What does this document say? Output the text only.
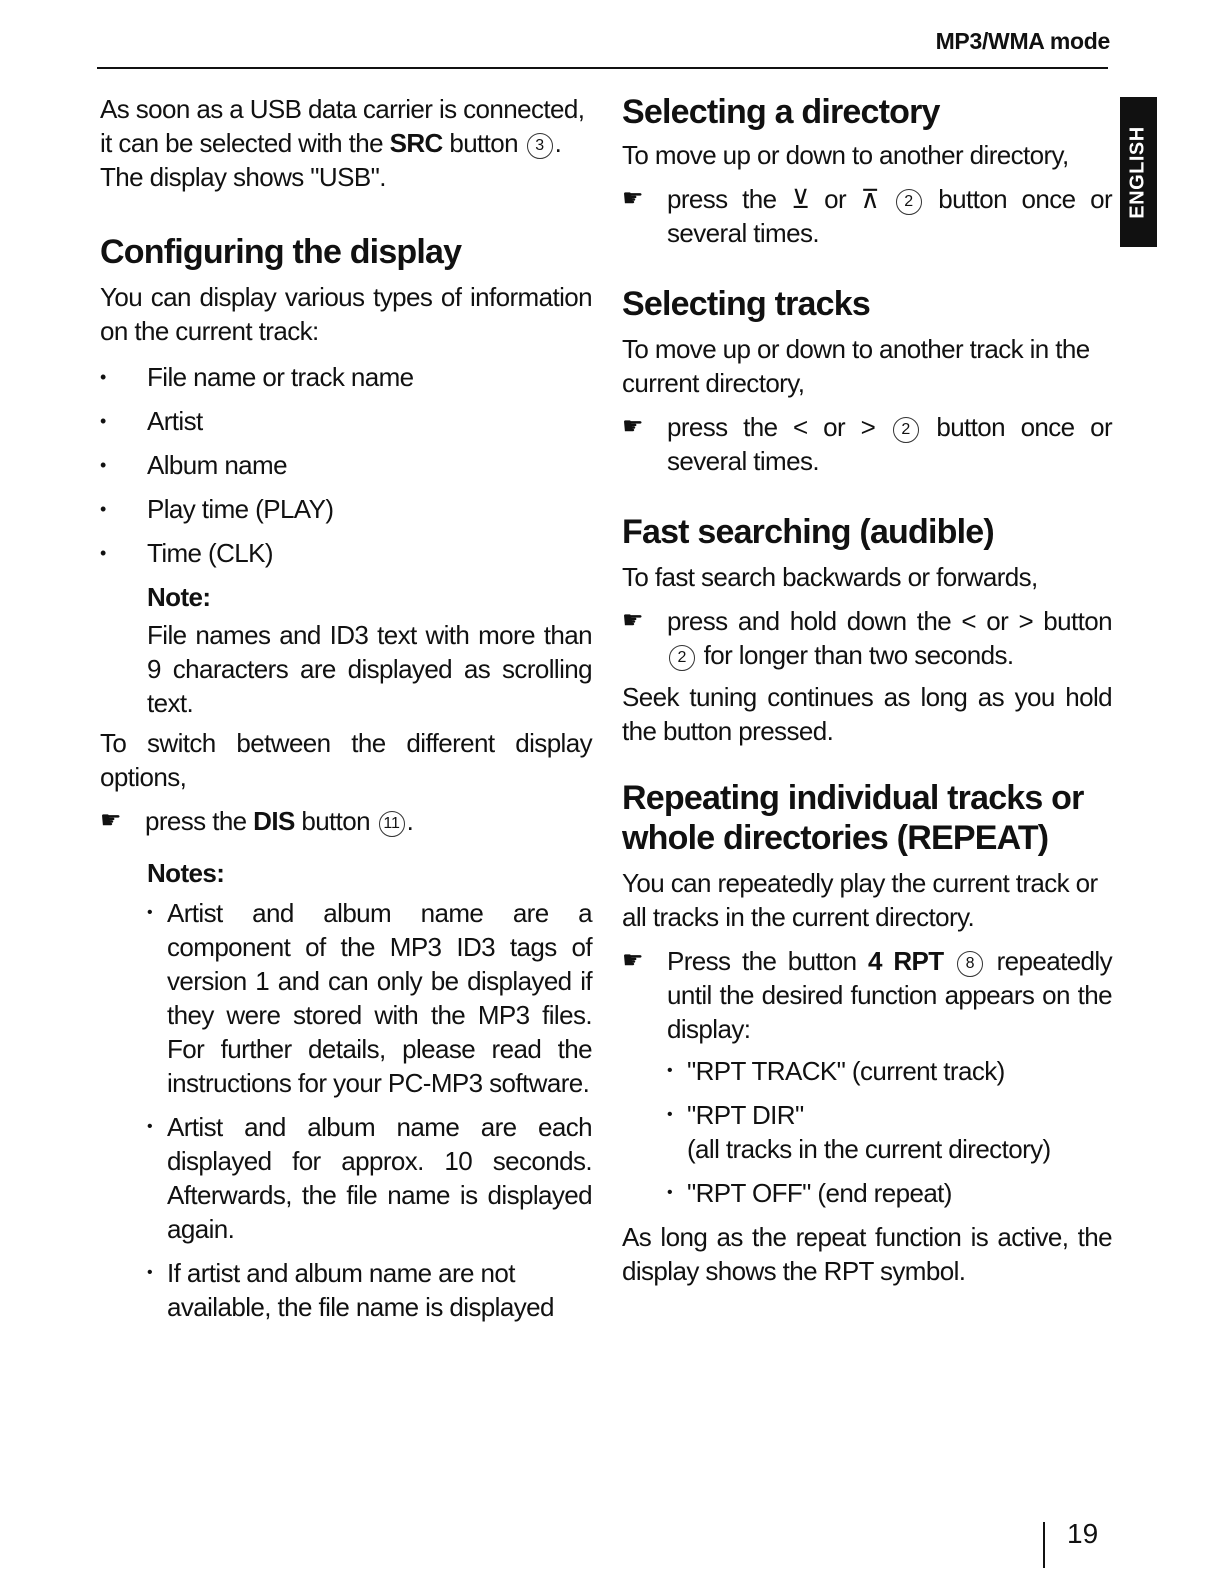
MP3/WMA mode
ENGLISH

As soon as a USB data carrier is connected, it can be selected with the SRC button 3 . The display shows "USB".

Configuring the display

You can display various types of information on the current track:

• File name or track name
• Artist
• Album name
• Play time (PLAY)
• Time (CLK)

Note:

File names and ID3 text with more than 9 characters are displayed as scrolling text.

To switch between the different display options,

☛ press the DIS button 11 .

Notes:

• Artist and album name are a component of the MP3 ID3 tags of version 1 and can only be displayed if they were stored with the MP3 files. For further details, please read the instructions for your PC-MP3 software.
• Artist and album name are each displayed for approx. 10 seconds. Afterwards, the file name is displayed again.
• If artist and album name are not available, the file name is displayed
Selecting a directory

To move up or down to another directory,

☛ press the ⊻ or ⊼ 2 button once or several times.
Selecting tracks

To move up or down to another track in the current directory,

☛ press the < or > 2 button once or several times.
Fast searching (audible)

To fast search backwards or forwards,

☛ press and hold down the < or > button 2 for longer than two seconds.

Seek tuning continues as long as you hold the button pressed.

Repeating individual tracks or whole directories (REPEAT)

You can repeatedly play the current track or all tracks in the current directory.

☛ Press the button 4 RPT 8 repeatedly until the desired function appears on the display:
• "RPT TRACK" (current track)
• "RPT DIR"
(all tracks in the current directory)
• "RPT OFF" (end repeat)

As long as the repeat function is active, the display shows the RPT symbol.

19
